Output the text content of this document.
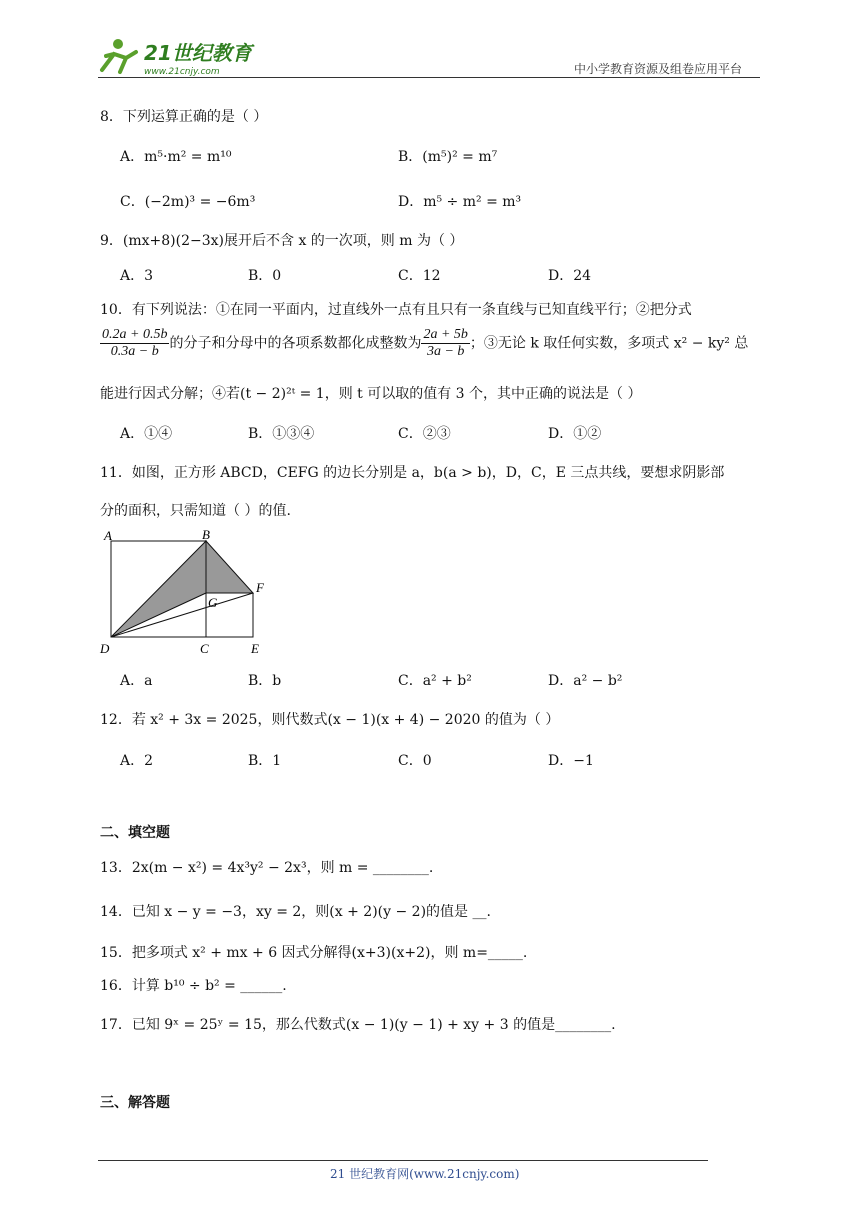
21世纪教育
www.21cnjy.com	中小学教育资源及组卷应用平台
8．下列运算正确的是（ ）
A．m⁵·m² = m¹⁰	B．(m⁵)² = m⁷
C．(−2m)³ = −6m³	D．m⁵ ÷ m² = m³
9．(mx+8)(2−3x)展开后不含 x 的一次项，则 m 为（ ）
A．3	B．0	C．12	D．24
10．有下列说法：①在同一平面内，过直线外一点有且只有一条直线与已知直线平行；②把分式
$\frac{0.2a + 0.5b}{0.3a - b}$ 的分子和分母中的各项系数都化成整数为 $\frac{2a + 5b}{3a - b}$ ；③无论 k 取任何实数，多项式 x² − ky² 总
能进行因式分解；④若(t − 2)²ᵗ = 1，则 t 可以取的值有 3 个，其中正确的说法是（ ）
A．①④	B．①③④	C．②③	D．①②
11．如图，正方形 ABCD，CEFG 的边长分别是 a，b(a > b)，D，C，E 三点共线，要想求阴影部
分的面积，只需知道（ ）的值.
A	B
F
G
D	C	E
A．a	B．b	C．a² + b²	D．a² − b²
12．若 x² + 3x = 2025，则代数式(x − 1)(x + 4) − 2020 的值为（ ）
A．2	B．1	C．0	D．−1
二、填空题
13．2x(m − x²) = 4x³y² − 2x³，则 m = ________.
14．已知 x − y = −3，xy = 2，则(x + 2)(y − 2)的值是 __.
15．把多项式 x² + mx + 6 因式分解得(x+3)(x+2)，则 m=_____.
16．计算 b¹⁰ ÷ b² = ______.
17．已知 9ˣ = 25ʸ = 15，那么代数式(x − 1)(y − 1) + xy + 3 的值是________.
三、解答题
21 世纪教育网(www.21cnjy.com)
